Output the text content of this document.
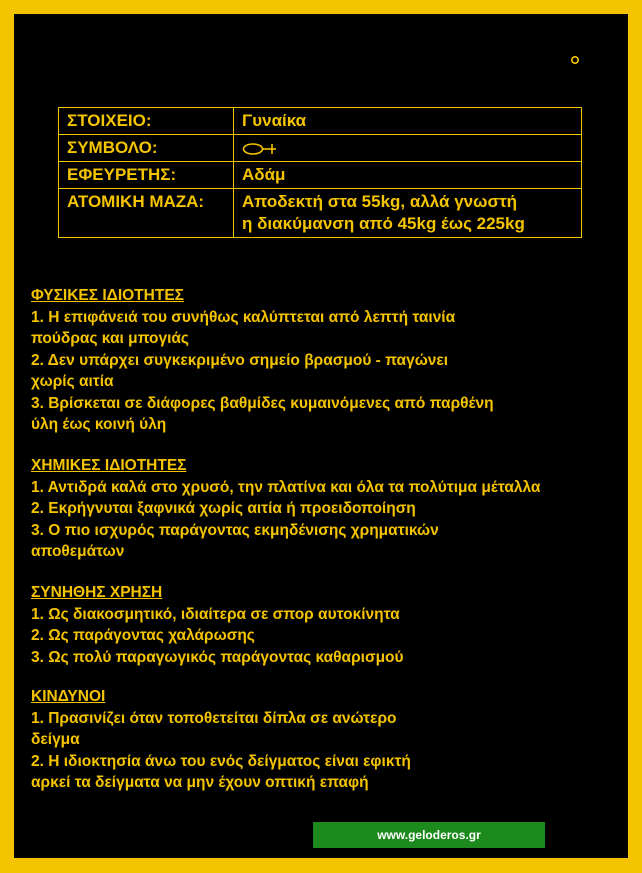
ΠΙΝΑΚΑΣ ΕΠΙΚΙΝΔΥΝΗΣ ΥΛΗΣ
ΣΤΟΙΧΕΙΟ:	Γυναίκα
ΣΥΜΒΟΛΟ:	
ΕΦΕΥΡΕΤΗΣ:	Αδάμ
ΑΤΟΜΙΚΗ ΜΑΖΑ:	Αποδεκτή στα 55kg, αλλά γνωστή
η διακύμανση από 45kg έως 225kg
ΦΥΣΙΚΕΣ ΙΔΙΟΤΗΤΕΣ
1. Η επιφάνειά του συνήθως καλύπτεται από λεπτή ταινία
πούδρας και μπογιάς
2. Δεν υπάρχει συγκεκριμένο σημείο βρασμού - παγώνει
χωρίς αιτία
3. Βρίσκεται σε διάφορες βαθμίδες κυμαινόμενες από παρθένη
ύλη έως κοινή ύλη
ΧΗΜΙΚΕΣ ΙΔΙΟΤΗΤΕΣ
1. Αντιδρά καλά στο χρυσό, την πλατίνα και όλα τα πολύτιμα μέταλλα
2. Εκρήγνυται ξαφνικά χωρίς αιτία ή προειδοποίηση
3. Ο πιο ισχυρός παράγοντας εκμηδένισης χρηματικών
αποθεμάτων
ΣΥΝΗΘΗΣ ΧΡΗΣΗ
1. Ως διακοσμητικό, ιδιαίτερα σε σπορ αυτοκίνητα
2. Ως παράγοντας χαλάρωσης
3. Ως πολύ παραγωγικός παράγοντας καθαρισμού
ΚΙΝΔΥΝΟΙ
1. Πρασινίζει όταν τοποθετείται δίπλα σε ανώτερο
δείγμα
2. Η ιδιοκτησία άνω του ενός δείγματος είναι εφικτή
αρκεί τα δείγματα να μην έχουν οπτική επαφή
www.geloderos.gr
